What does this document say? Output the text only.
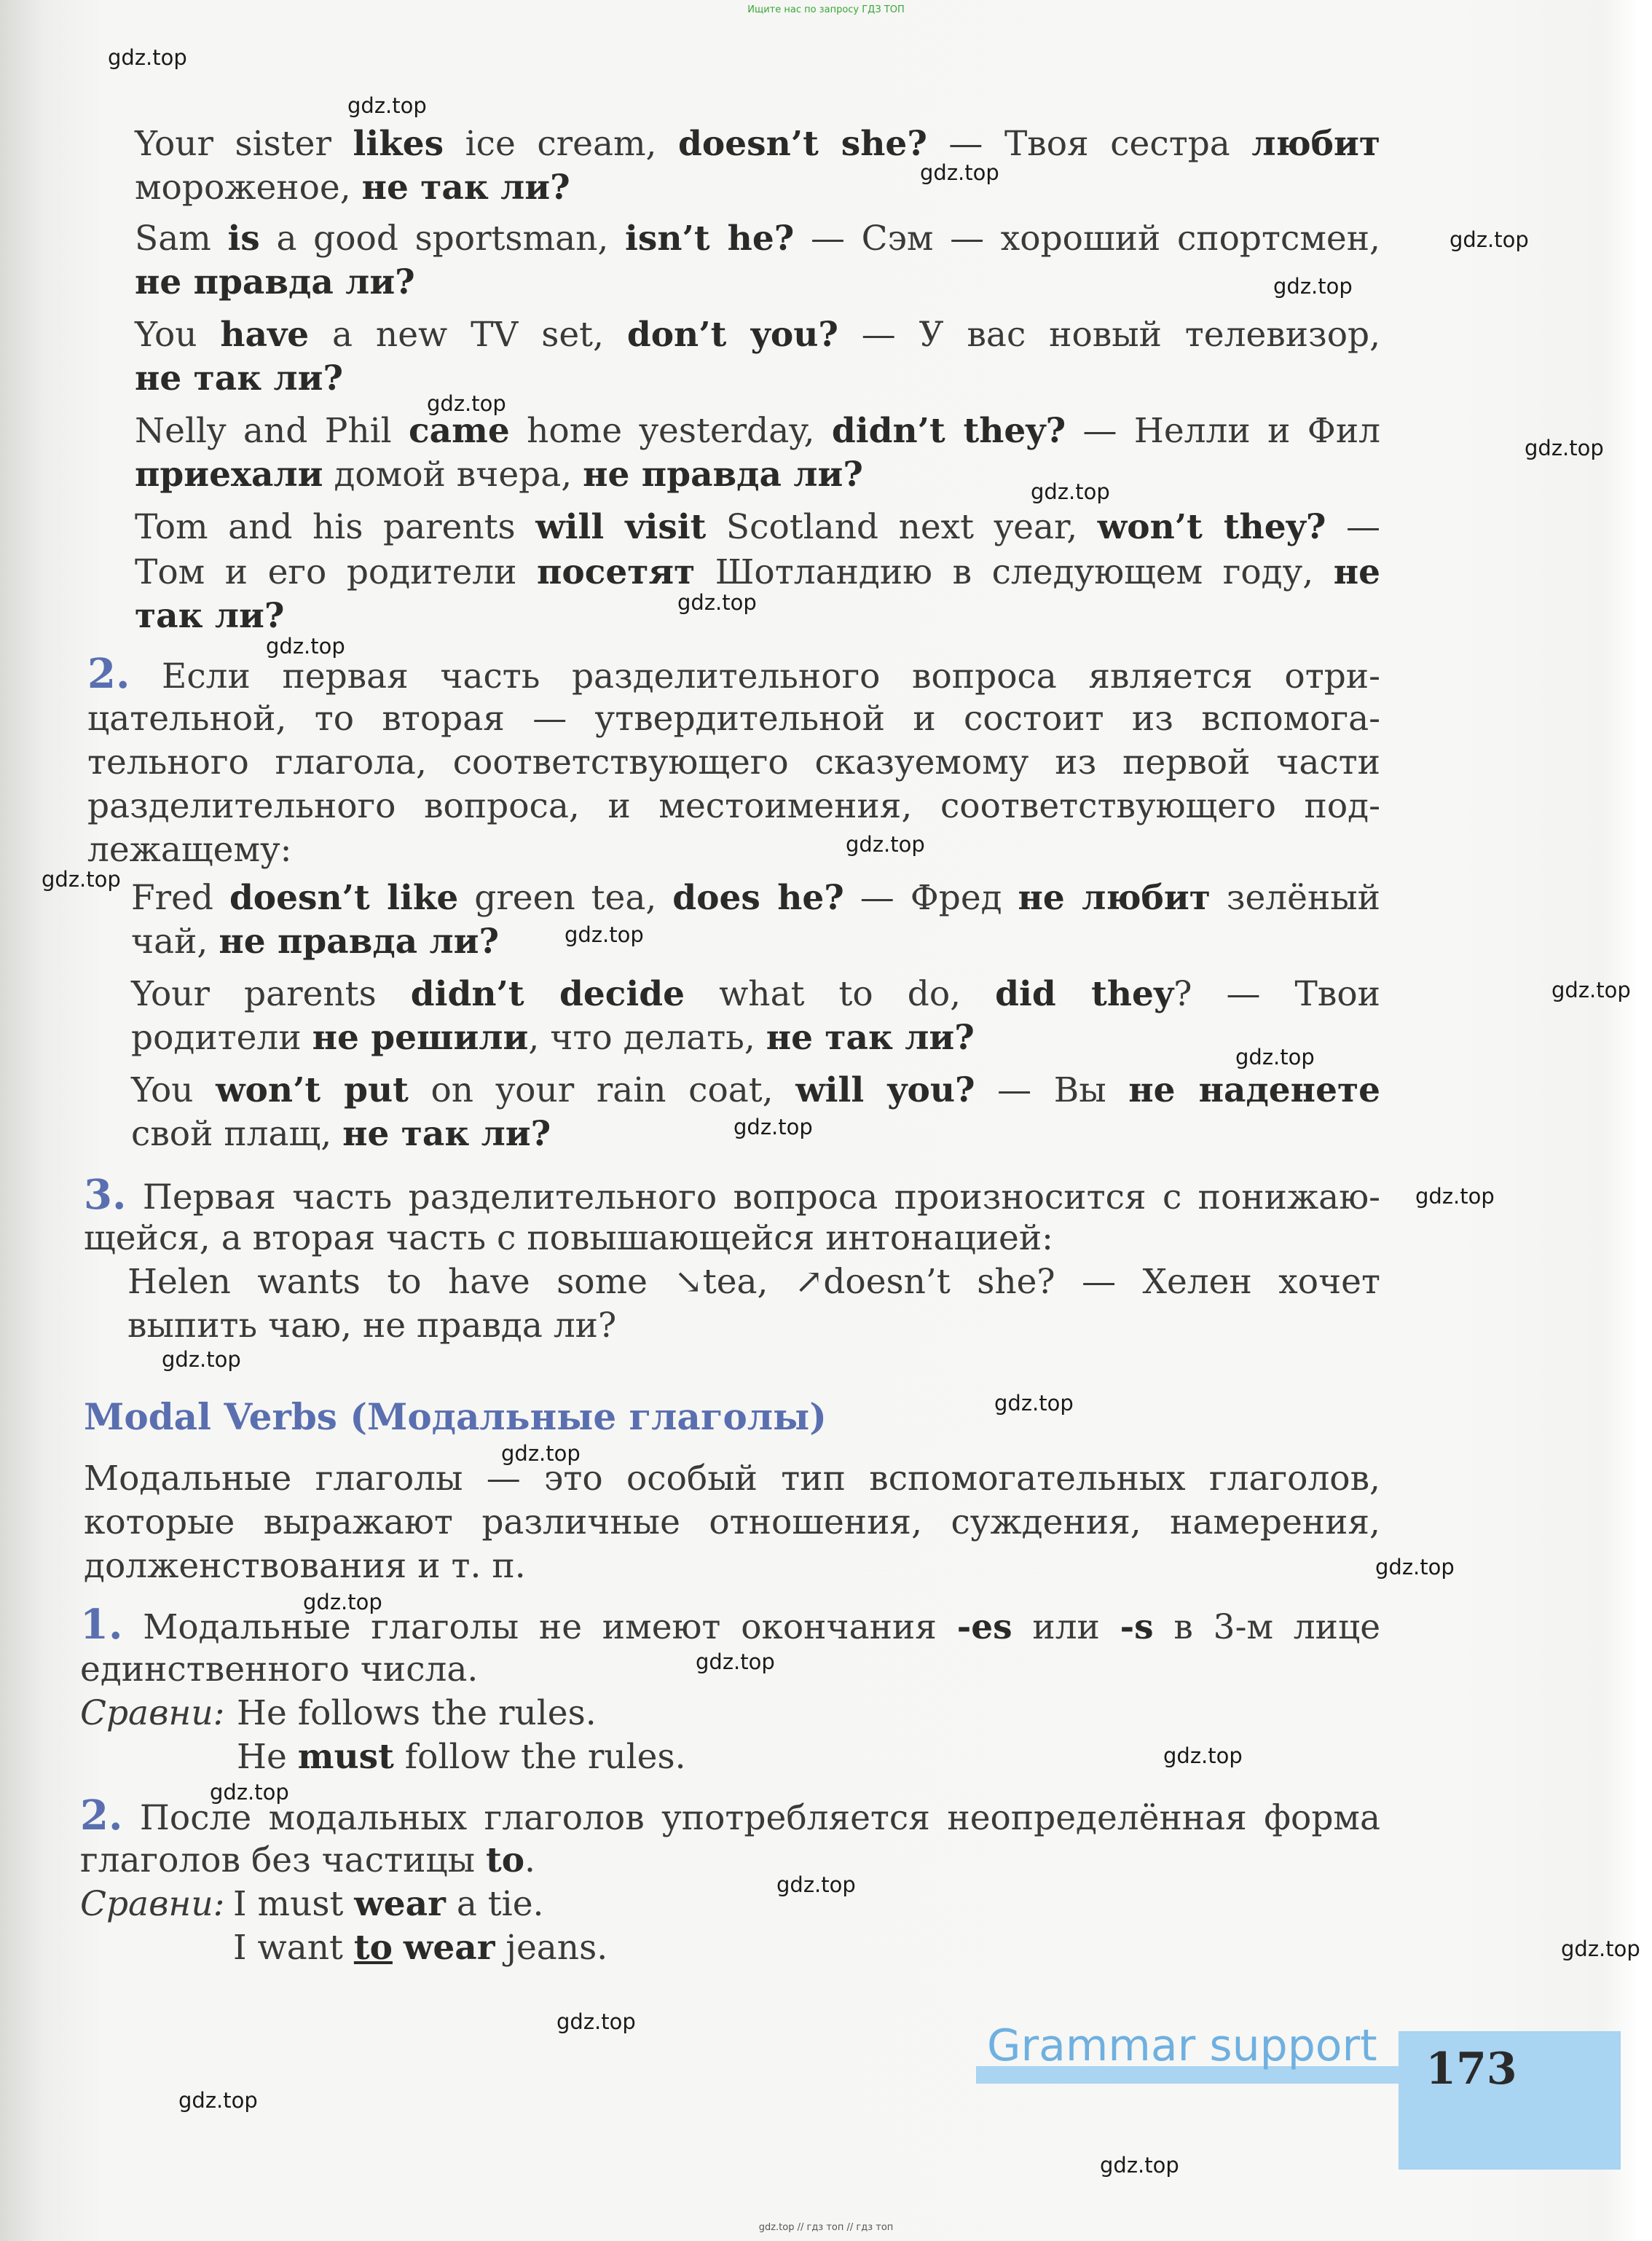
Ищите нас по запросу ГДЗ ТОП
Your sister likes ice cream, doesn’t she? — Твоя сестра любит
мороженое, не так ли?
Sam is a good sportsman, isn’t he? — Сэм — хороший спортсмен,
не правда ли?
You have a new TV set, don’t you? — У вас новый телевизор,
не так ли?
Nelly and Phil came home yesterday, didn’t they? — Нелли и Фил
приехали домой вчера, не правда ли?
Tom and his parents will visit Scotland next year, won’t they? —
Том и его родители посетят Шотландию в следующем году, не
так ли?
2. Если первая часть разделительного вопроса является отри-
цательной, то вторая — утвердительной и состоит из вспомога-
тельного глагола, соответствующего сказуемому из первой части
разделительного вопроса, и местоимения, соответствующего под-
лежащему:
Fred doesn’t like green tea, does he? — Фред не любит зелёный
чай, не правда ли?
Your parents didn’t decide what to do, did they? — Твои
родители не решили, что делать, не так ли?
You won’t put on your rain coat, will you? — Вы не наденете
свой плащ, не так ли?
3. Первая часть разделительного вопроса произносится с понижаю-
щейся, а вторая часть с повышающейся интонацией:
Helen wants to have some ↘tea, ↗doesn’t she? — Хелен хочет
выпить чаю, не правда ли?
Modal Verbs (Модальные глаголы)
Модальные глаголы — это особый тип вспомогательных глаголов,
которые выражают различные отношения, суждения, намерения,
долженствования и т. п.
1. Модальные глаголы не имеют окончания -es или -s в 3-м лице
единственного числа.
Сравни: He follows the rules.
He must follow the rules.
2. После модальных глаголов употребляется неопределённая форма
глаголов без частицы to.
Сравни: I must wear a tie.
I want to wear jeans.
Grammar support	173
gdz.top
gdz.top
gdz.top
gdz.top
gdz.top
gdz.top
gdz.top
gdz.top
gdz.top
gdz.top
gdz.top
gdz.top
gdz.top
gdz.top
gdz.top
gdz.top
gdz.top
gdz.top
gdz.top
gdz.top
gdz.top
gdz.top
gdz.top
gdz.top
gdz.top
gdz.top
gdz.top
gdz.top
gdz.top
gdz.top
gdz.top // гдз топ // гдз топ
